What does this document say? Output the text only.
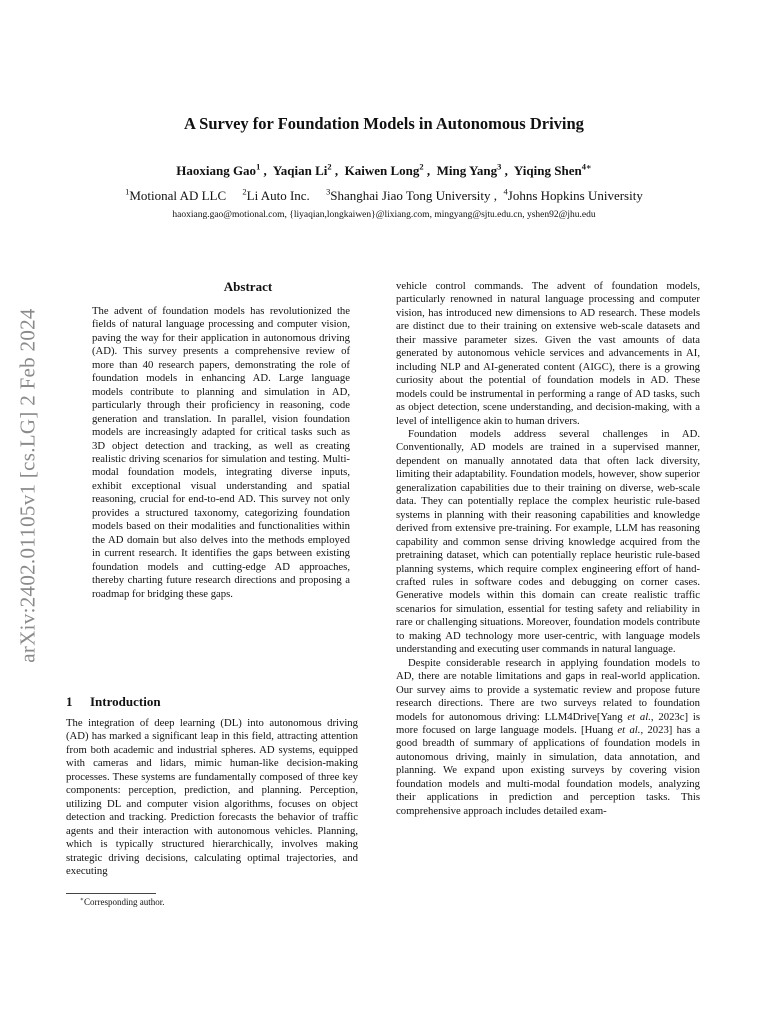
arXiv:2402.01105v1 [cs.LG] 2 Feb 2024
A Survey for Foundation Models in Autonomous Driving
Haoxiang Gao$^1$ ,  Yaqian Li$^2$ ,  Kaiwen Long$^2$ ,  Ming Yang$^3$ ,  Yiqing Shen$^{4∗}$
$^1$Motional AD LLC $^2$Li Auto Inc. $^3$Shanghai Jiao Tong University , $^4$Johns Hopkins University
haoxiang.gao@motional.com, {liyaqian,longkaiwen}@lixiang.com, mingyang@sjtu.edu.cn, yshen92@jhu.edu
Abstract

The advent of foundation models has revolutionized the fields of natural language processing and computer vision, paving the way for their application in autonomous driving (AD). This survey presents a comprehensive review of more than 40 research papers, demonstrating the role of foundation models in enhancing AD. Large language models contribute to planning and simulation in AD, particularly through their proficiency in reasoning, code generation and translation. In parallel, vision foundation models are increasingly adapted for critical tasks such as 3D object detection and tracking, as well as creating realistic driving scenarios for simulation and testing. Multi-modal foundation models, integrating diverse inputs, exhibit exceptional visual understanding and spatial reasoning, crucial for end-to-end AD. This survey not only provides a structured taxonomy, categorizing foundation models based on their modalities and functionalities within the AD domain but also delves into the methods employed in current research. It identifies the gaps between existing foundation models and cutting-edge AD approaches, thereby charting future research directions and proposing a roadmap for bridging these gaps.

1 Introduction

The integration of deep learning (DL) into autonomous driving (AD) has marked a significant leap in this field, attracting attention from both academic and industrial spheres. AD systems, equipped with cameras and lidars, mimic human-like decision-making processes. These systems are fundamentally composed of three key components: perception, prediction, and planning. Perception, utilizing DL and computer vision algorithms, focuses on object detection and tracking. Prediction forecasts the behavior of traffic agents and their interaction with autonomous vehicles. Planning, which is typically structured hierarchically, involves making strategic driving decisions, calculating optimal trajectories, and executing

vehicle control commands. The advent of foundation models, particularly renowned in natural language processing and computer vision, has introduced new dimensions to AD research. These models are distinct due to their training on extensive web-scale datasets and their massive parameter sizes. Given the vast amounts of data generated by autonomous vehicle services and advancements in AI, including NLP and AI-generated content (AIGC), there is a growing curiosity about the potential of foundation models in AD. These models could be instrumental in performing a range of AD tasks, such as object detection, scene understanding, and decision-making, with a level of intelligence akin to human drivers.

Foundation models address several challenges in AD. Conventionally, AD models are trained in a supervised manner, dependent on manually annotated data that often lack diversity, limiting their adaptability. Foundation models, however, show superior generalization capabilities due to their training on diverse, web-scale data. They can potentially replace the complex heuristic rule-based systems in planning with their reasoning capabilities and knowledge derived from extensive pre-training. For example, LLM has reasoning capability and common sense driving knowledge acquired from the pretraining dataset, which can potentially replace heuristic rule-based planning systems, which require complex engineering effort of hand-crafted rules in software codes and debugging on corner cases. Generative models within this domain can create realistic traffic scenarios for simulation, essential for testing safety and reliability in rare or challenging situations. Moreover, foundation models contribute to making AD technology more user-centric, with language models understanding and executing user commands in natural language.

Despite considerable research in applying foundation models to AD, there are notable limitations and gaps in real-world application. Our survey aims to provide a systematic review and propose future research directions. There are two surveys related to foundation models for autonomous driving: LLM4Drive[Yang et al., 2023c] is more focused on large language models. [Huang et al., 2023] has a good breadth of summary of applications of foundation models in autonomous driving, mainly in simulation, data annotation, and planning. We expand upon existing surveys by covering vision foundation models and multi-modal foundation models, analyzing their applications in prediction and perception tasks. This comprehensive approach includes detailed exam-

∗Corresponding author.
